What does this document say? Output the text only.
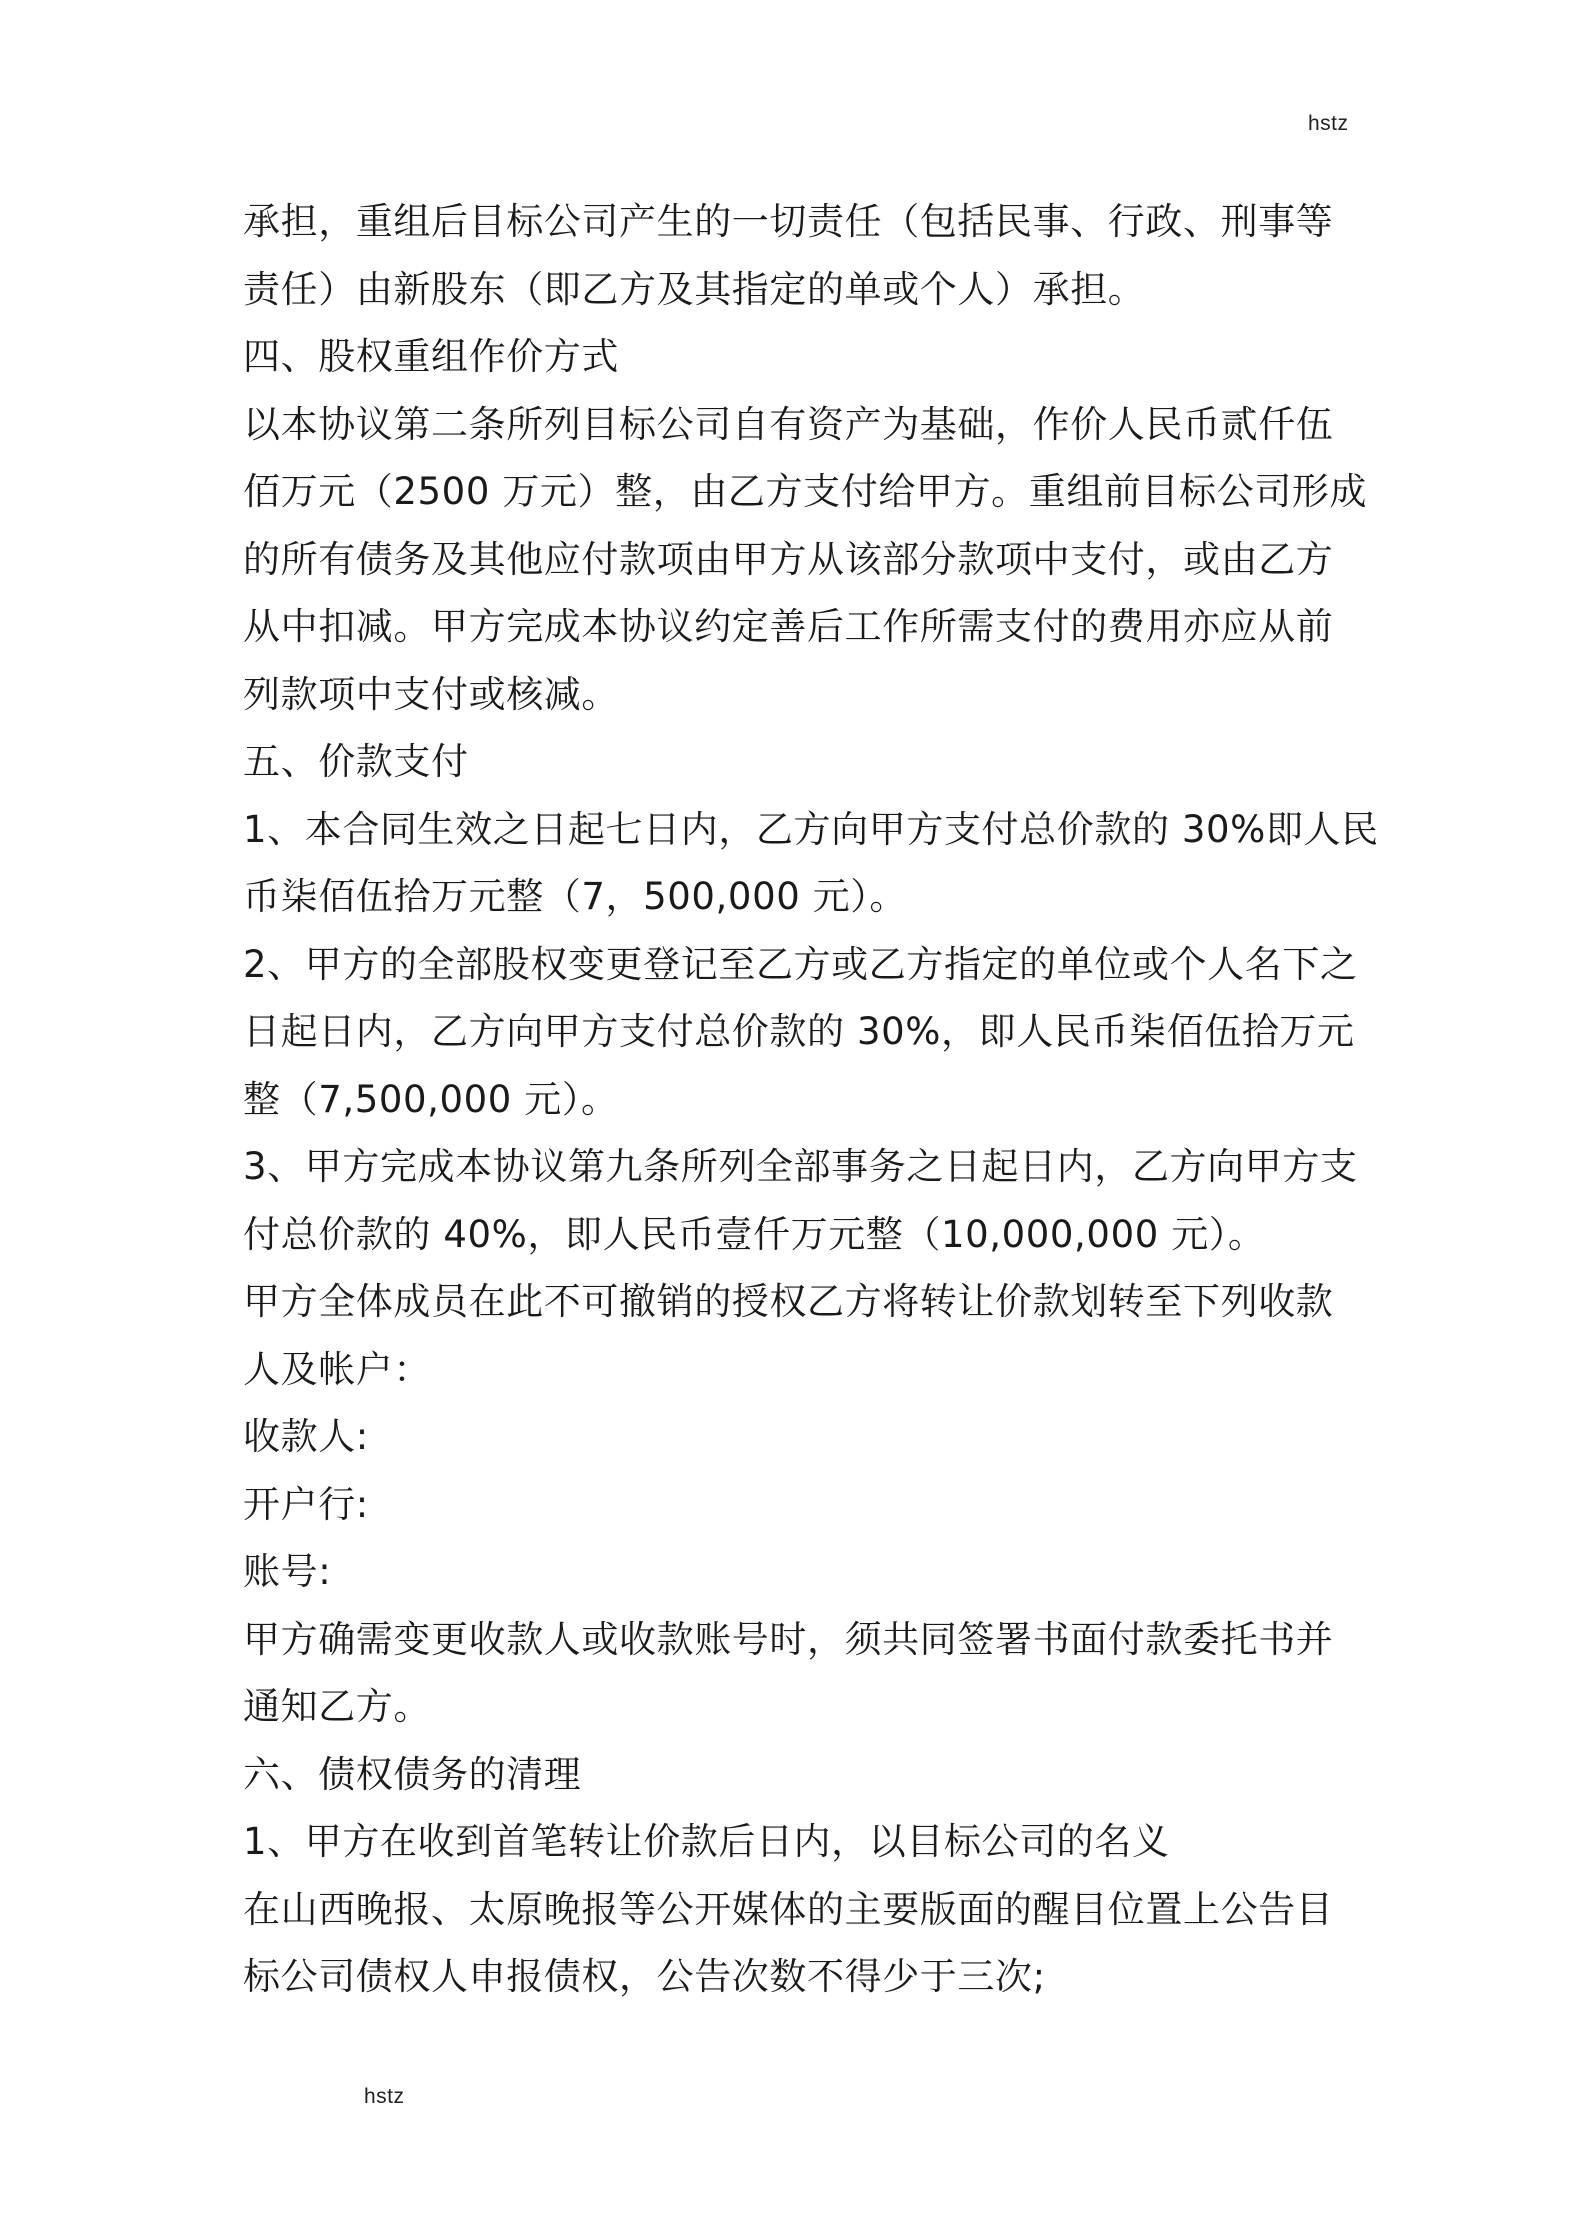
hstz
承担，重组后目标公司产生的一切责任（包括民事、行政、刑事等
责任）由新股东（即乙方及其指定的单或个人）承担。
四、股权重组作价方式
以本协议第二条所列目标公司自有资产为基础，作价人民币贰仟伍
佰万元（2500 万元）整，由乙方支付给甲方。重组前目标公司形成
的所有债务及其他应付款项由甲方从该部分款项中支付，或由乙方
从中扣减。甲方完成本协议约定善后工作所需支付的费用亦应从前
列款项中支付或核减。
五、价款支付
1、本合同生效之日起七日内，乙方向甲方支付总价款的 30%即人民
币柒佰伍拾万元整（7，500,000 元）。
2、甲方的全部股权变更登记至乙方或乙方指定的单位或个人名下之
日起日内，乙方向甲方支付总价款的 30%，即人民币柒佰伍拾万元
整（7,500,000 元）。
3、甲方完成本协议第九条所列全部事务之日起日内，乙方向甲方支
付总价款的 40%，即人民币壹仟万元整（10,000,000 元）。
甲方全体成员在此不可撤销的授权乙方将转让价款划转至下列收款
人及帐户：
收款人:
开户行:
账号:
甲方确需变更收款人或收款账号时，须共同签署书面付款委托书并
通知乙方。
六、债权债务的清理
1、甲方在收到首笔转让价款后日内，以目标公司的名义
在山西晚报、太原晚报等公开媒体的主要版面的醒目位置上公告目
标公司债权人申报债权，公告次数不得少于三次;
hstz
